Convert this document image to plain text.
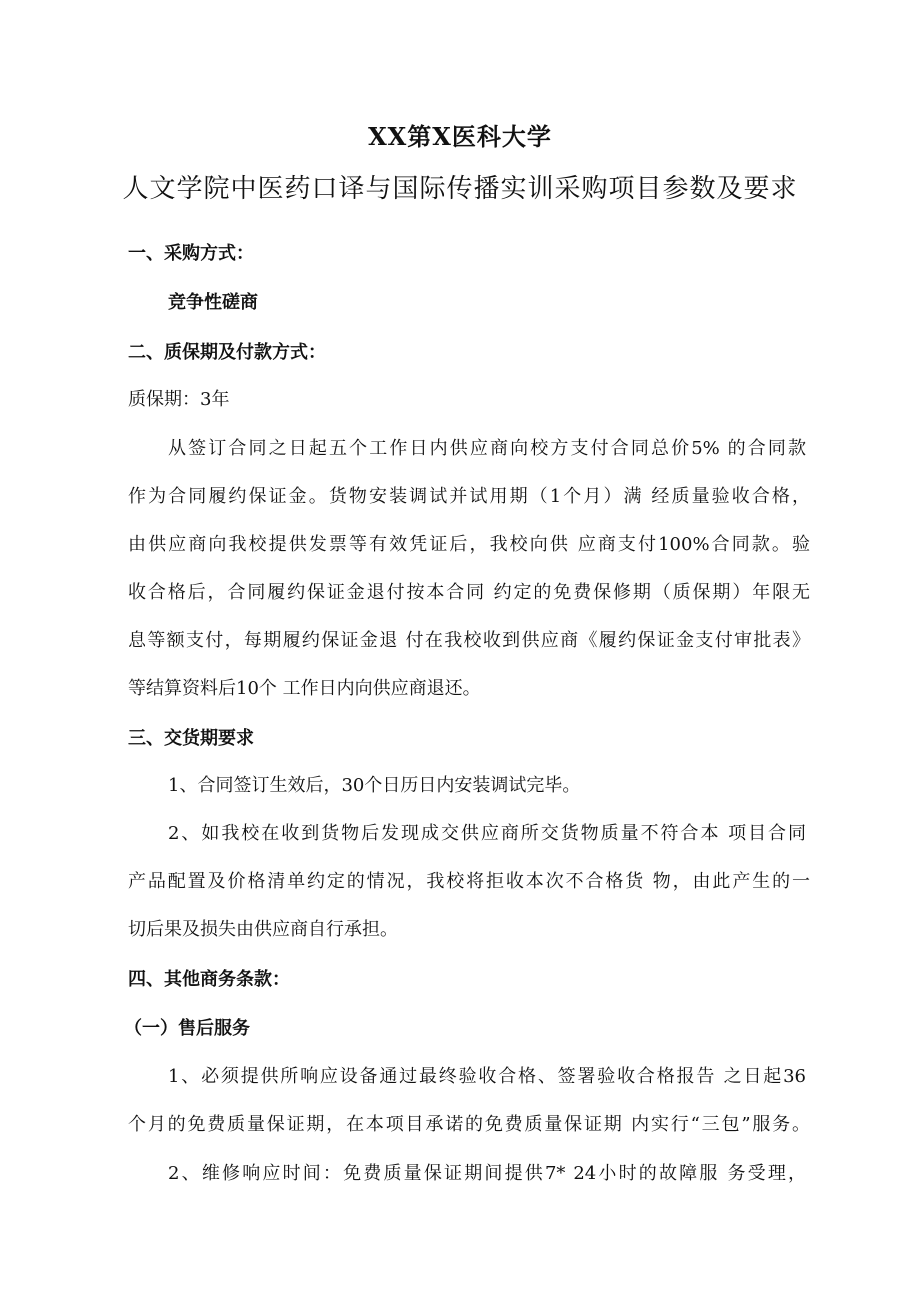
XX第X医科大学
人文学院中医药口译与国际传播实训采购项目参数及要求
一、采购方式：
竞争性磋商
二、质保期及付款方式：
质保期：3年
从签订合同之日起五个工作日内供应商向校方支付合同总价5% 的合同款
作为合同履约保证金。货物安装调试并试用期（1个月）满 经质量验收合格，
由供应商向我校提供发票等有效凭证后，我校向供 应商支付100%合同款。验
收合格后，合同履约保证金退付按本合同 约定的免费保修期（质保期）年限无
息等额支付，每期履约保证金退 付在我校收到供应商《履约保证金支付审批表》
等结算资料后10个 工作日内向供应商退还。
三、交货期要求
1、合同签订生效后，30个日历日内安装调试完毕。
2、如我校在收到货物后发现成交供应商所交货物质量不符合本 项目合同
产品配置及价格清单约定的情况，我校将拒收本次不合格货 物，由此产生的一
切后果及损失由供应商自行承担。
四、其他商务条款：
（一）售后服务
1、必须提供所响应设备通过最终验收合格、签署验收合格报告 之日起36
个月的免费质量保证期，在本项目承诺的免费质量保证期 内实行“三包”服务。
2、维修响应时间：免费质量保证期间提供7* 24小时的故障服 务受理，
